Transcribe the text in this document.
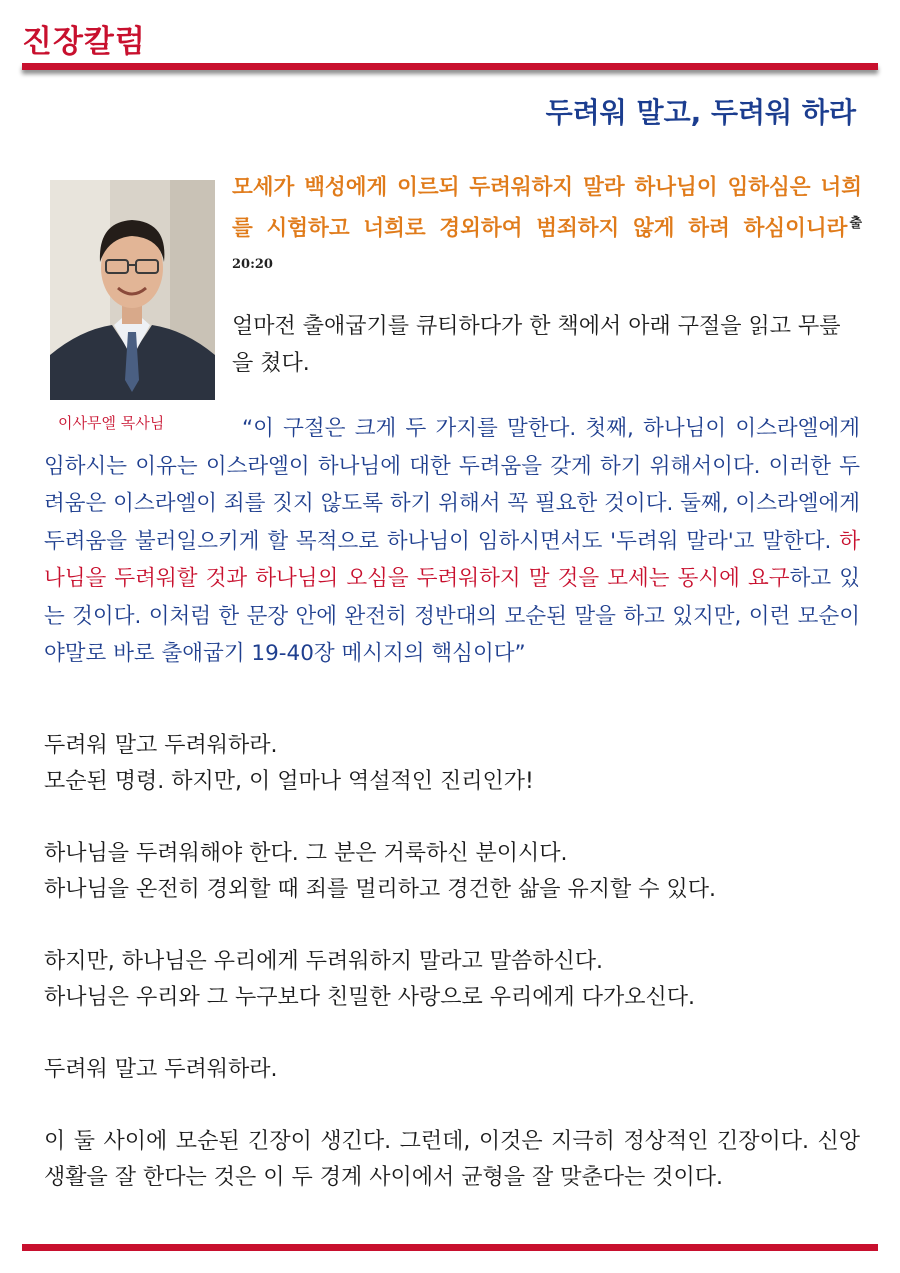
진장칼럼
두려워 말고, 두려워 하라
이사무엘 목사님
모세가 백성에게 이르되 두려워하지 말라 하나님이 임하심은 너희를 시험하고 너희로 경외하여 범죄하지 않게 하려 하심이니라 $^{출 20:20}$
얼마전 출애굽기를 큐티하다가 한 책에서 아래 구절을 읽고 무릎을 쳤다.
“이 구절은 크게 두 가지를 말한다. 첫째, 하나님이 이스라엘에게 임하시는 이유는 이스라엘이 하나님에 대한 두려움을 갖게 하기 위해서이다. 이러한 두려움은 이스라엘이 죄를 짓지 않도록 하기 위해서 꼭 필요한 것이다. 둘째, 이스라엘에게 두려움을 불러일으키게 할 목적으로 하나님이 임하시면서도 '두려워 말라'고 말한다. 하나님을 두려워할 것과 하나님의 오심을 두려워하지 말 것을 모세는 동시에 요구하고 있는 것이다. 이처럼 한 문장 안에 완전히 정반대의 모순된 말을 하고 있지만, 이런 모순이야말로 바로 출애굽기 19-40장 메시지의 핵심이다”

두려워 말고 두려워하라.
모순된 명령. 하지만, 이 얼마나 역설적인 진리인가!

하나님을 두려워해야 한다. 그 분은 거룩하신 분이시다.
하나님을 온전히 경외할 때 죄를 멀리하고 경건한 삶을 유지할 수 있다.

하지만, 하나님은 우리에게 두려워하지 말라고 말씀하신다.
하나님은 우리와 그 누구보다 친밀한 사랑으로 우리에게 다가오신다.

두려워 말고 두려워하라.

이 둘 사이에 모순된 긴장이 생긴다. 그런데, 이것은 지극히 정상적인 긴장이다. 신앙생활을 잘 한다는 것은 이 두 경계 사이에서 균형을 잘 맞춘다는 것이다.
